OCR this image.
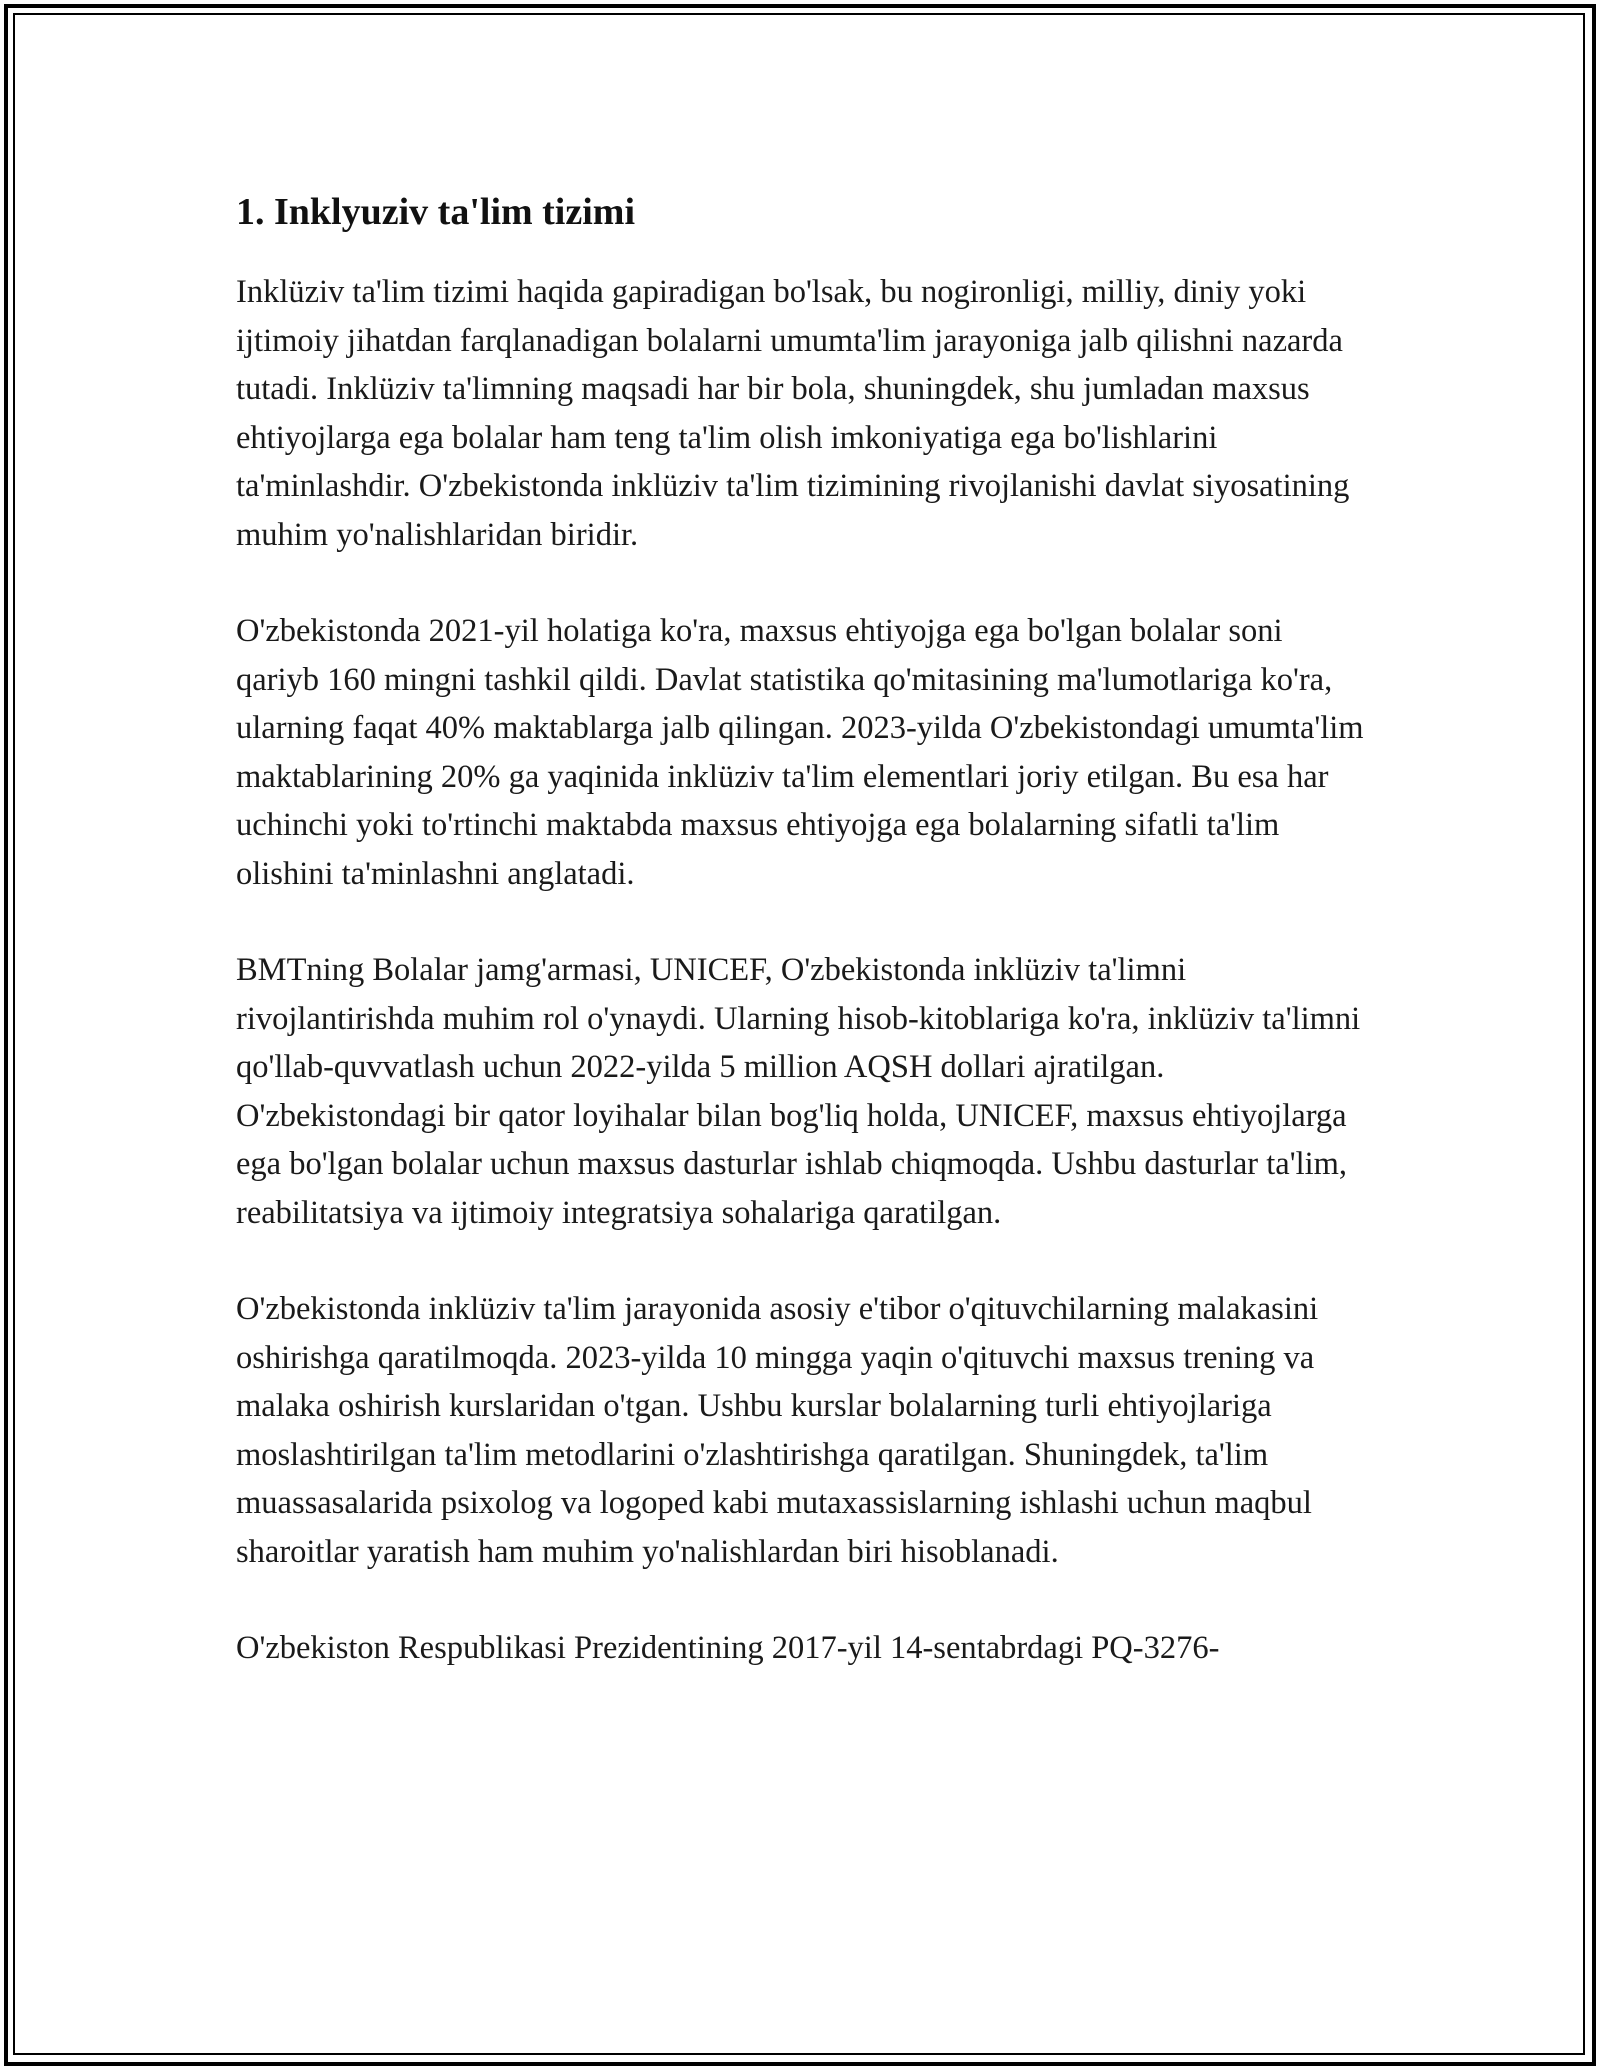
1. Inklyuziv ta'lim tizimi

Inklüziv ta'lim tizimi haqida gapiradigan bo'lsak, bu nogironligi, milliy, diniy yoki ijtimoiy jihatdan farqlanadigan bolalarni umumta'lim jarayoniga jalb qilishni nazarda tutadi. Inklüziv ta'limning maqsadi har bir bola, shuningdek, shu jumladan maxsus ehtiyojlarga ega bolalar ham teng ta'lim olish imkoniyatiga ega bo'lishlarini ta'minlashdir. O'zbekistonda inklüziv ta'lim tizimining rivojlanishi davlat siyosatining muhim yo'nalishlaridan biridir.

O'zbekistonda 2021-yil holatiga ko'ra, maxsus ehtiyojga ega bo'lgan bolalar soni qariyb 160 mingni tashkil qildi. Davlat statistika qo'mitasining ma'lumotlariga ko'ra, ularning faqat 40% maktablarga jalb qilingan. 2023-yilda O'zbekistondagi umumta'lim maktablarining 20% ga yaqinida inklüziv ta'lim elementlari joriy etilgan. Bu esa har uchinchi yoki to'rtinchi maktabda maxsus ehtiyojga ega bolalarning sifatli ta'lim olishini ta'minlashni anglatadi.

BMTning Bolalar jamg'armasi, UNICEF, O'zbekistonda inklüziv ta'limni rivojlantirishda muhim rol o'ynaydi. Ularning hisob-kitoblariga ko'ra, inklüziv ta'limni qo'llab-quvvatlash uchun 2022-yilda 5 million AQSH dollari ajratilgan. O'zbekistondagi bir qator loyihalar bilan bog'liq holda, UNICEF, maxsus ehtiyojlarga ega bo'lgan bolalar uchun maxsus dasturlar ishlab chiqmoqda. Ushbu dasturlar ta'lim, reabilitatsiya va ijtimoiy integratsiya sohalariga qaratilgan.

O'zbekistonda inklüziv ta'lim jarayonida asosiy e'tibor o'qituvchilarning malakasini oshirishga qaratilmoqda. 2023-yilda 10 mingga yaqin o'qituvchi maxsus trening va malaka oshirish kurslaridan o'tgan. Ushbu kurslar bolalarning turli ehtiyojlariga moslashtirilgan ta'lim metodlarini o'zlashtirishga qaratilgan. Shuningdek, ta'lim muassasalarida psixolog va logoped kabi mutaxassislarning ishlashi uchun maqbul sharoitlar yaratish ham muhim yo'nalishlardan biri hisoblanadi.

O'zbekiston Respublikasi Prezidentining 2017-yil 14-sentabrdagi PQ-3276-
